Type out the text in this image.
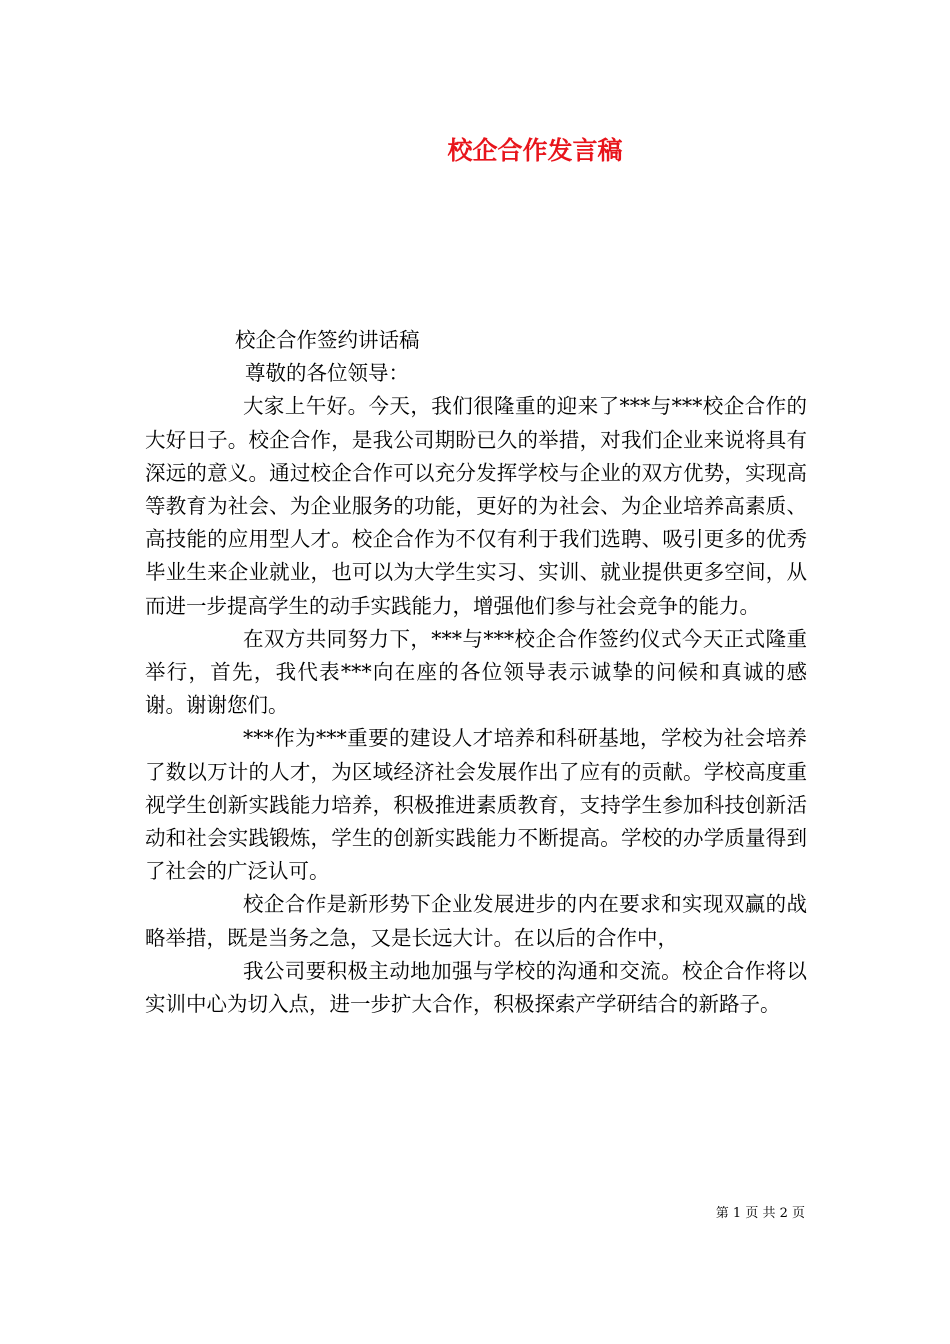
校企合作发言稿

校企合作签约讲话稿

尊敬的各位领导：

大家上午好。今天，我们很隆重的迎来了***与***校企合作的大好日子。校企合作，是我公司期盼已久的举措，对我们企业来说将具有深远的意义。通过校企合作可以充分发挥学校与企业的双方优势，实现高等教育为社会、为企业服务的功能，更好的为社会、为企业培养高素质、高技能的应用型人才。校企合作为不仅有利于我们选聘、吸引更多的优秀毕业生来企业就业，也可以为大学生实习、实训、就业提供更多空间，从而进一步提高学生的动手实践能力，增强他们参与社会竞争的能力。

在双方共同努力下，***与***校企合作签约仪式今天正式隆重举行，首先，我代表***向在座的各位领导表示诚挚的问候和真诚的感谢。谢谢您们。

***作为***重要的建设人才培养和科研基地，学校为社会培养了数以万计的人才，为区域经济社会发展作出了应有的贡献。学校高度重视学生创新实践能力培养，积极推进素质教育，支持学生参加科技创新活动和社会实践锻炼，学生的创新实践能力不断提高。学校的办学质量得到了社会的广泛认可。

校企合作是新形势下企业发展进步的内在要求和实现双赢的战略举措，既是当务之急，又是长远大计。在以后的合作中，

我公司要积极主动地加强与学校的沟通和交流。校企合作将以实训中心为切入点，进一步扩大合作，积极探索产学研结合的新路子。

第 1 页 共 2 页
